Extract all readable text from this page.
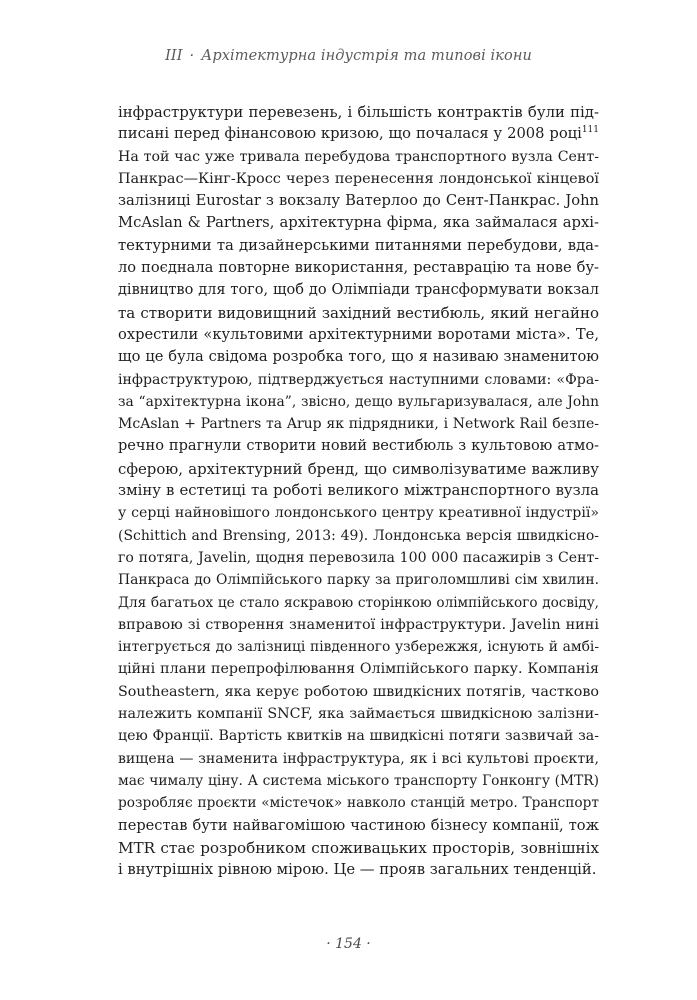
III · Архітектурна індустрія та типові ікони
інфраструктури перевезень, і більшість контрактів були під-
писані перед фінансовою кризою, що почалася у 2008 році$^{111}$
На той час уже тривала перебудова транспортного вузла Сент-
Панкрас—Кінг-Кросс через перенесення лондонської кінцевої
залізниці Eurostar з вокзалу Ватерлоо до Сент-Панкрас. John
McAslan & Partners, архітектурна фірма, яка займалася архі-
тектурними та дизайнерськими питаннями перебудови, вда-
ло поєднала повторне використання, реставрацію та нове бу-
дівництво для того, щоб до Олімпіади трансформувати вокзал
та створити видовищний західний вестибюль, який негайно
охрестили «культовими архітектурними воротами міста». Те,
що це була свідома розробка того, що я називаю знаменитою
інфраструктурою, підтверджується наступними словами: «Фра-
за “архітектурна ікона”, звісно, дещо вульгаризувалася, але John
McAslan + Partners та Arup як підрядники, і Network Rail безпе-
речно прагнули створити новий вестибюль з культовою атмо-
сферою, архітектурний бренд, що символізуватиме важливу
зміну в естетиці та роботі великого міжтранспортного вузла
у серці найновішого лондонського центру креативної індустрії»
(Schittich and Brensing, 2013: 49). Лондонська версія швидкісно-
го потяга, Javelin, щодня перевозила 100 000 пасажирів з Сент-
Панкраса до Олімпійського парку за приголомшливі сім хвилин.
Для багатьох це стало яскравою сторінкою олімпійського досвіду,
вправою зі створення знаменитої інфраструктури. Javelin нині
інтегрується до залізниці південного узбережжя, існують й амбі-
ційні плани перепрофілювання Олімпійського парку. Компанія
Southeastern, яка керує роботою швидкісних потягів, частково
належить компанії SNCF, яка займається швидкісною залізни-
цею Франції. Вартість квитків на швидкісні потяги зазвичай за-
вищена — знаменита інфраструктура, як і всі культові проєкти,
має чималу ціну. А система міського транспорту Гонконгу (MTR)
розробляє проєкти «містечок» навколо станцій метро. Транспорт
перестав бути найвагомішою частиною бізнесу компанії, тож
MTR стає розробником споживацьких просторів, зовнішніх
і внутрішніх рівною мірою. Це — прояв загальних тенденцій.
· 154 ·
